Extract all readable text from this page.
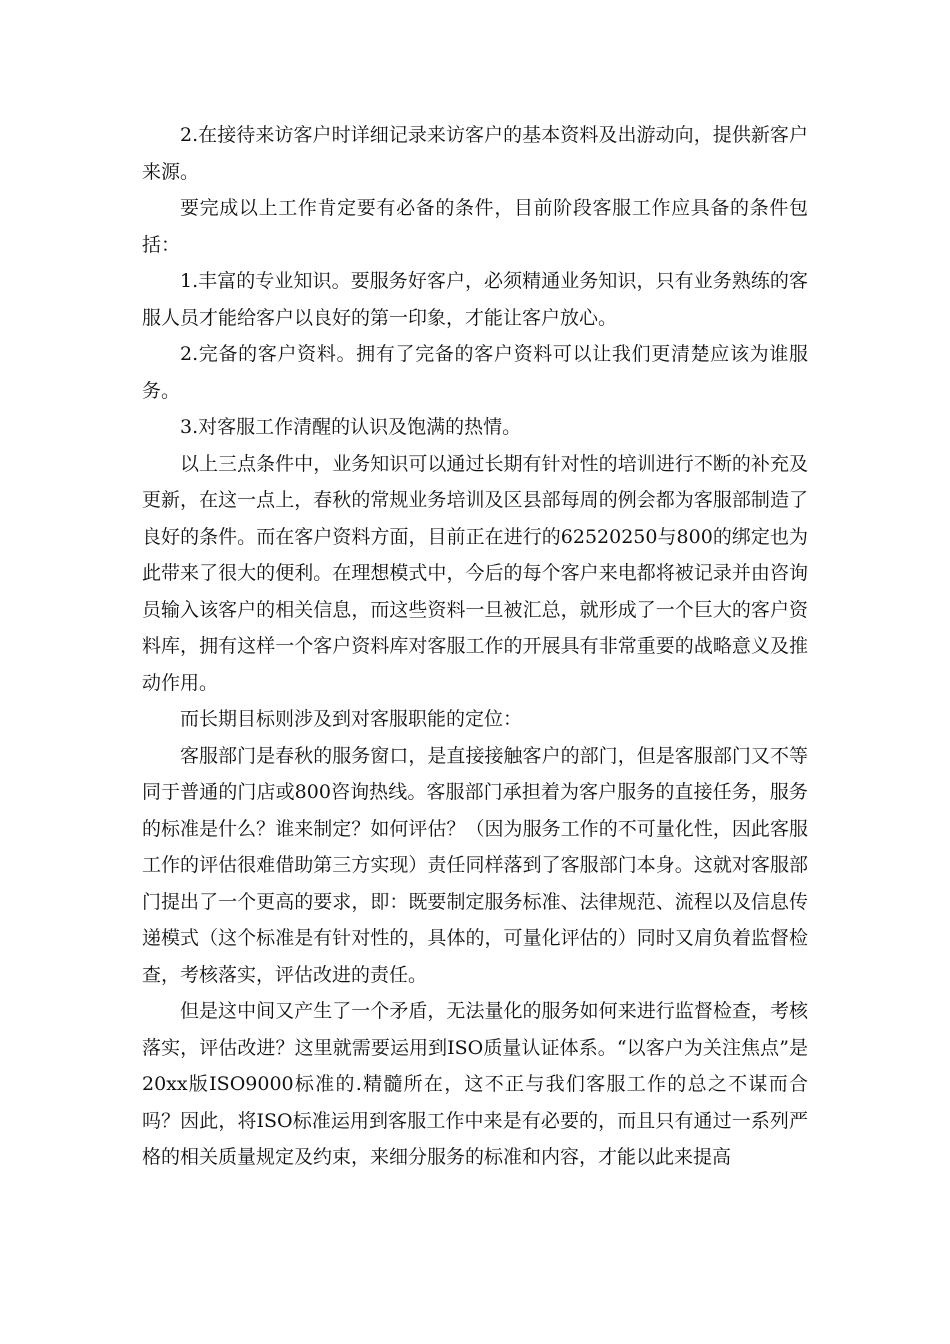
2.在接待来访客户时详细记录来访客户的基本资料及出游动向，提供新客户来源。

要完成以上工作肯定要有必备的条件，目前阶段客服工作应具备的条件包括：

1.丰富的专业知识。要服务好客户，必须精通业务知识，只有业务熟练的客服人员才能给客户以良好的第一印象，才能让客户放心。

2.完备的客户资料。拥有了完备的客户资料可以让我们更清楚应该为谁服务。

3.对客服工作清醒的认识及饱满的热情。

以上三点条件中，业务知识可以通过长期有针对性的培训进行不断的补充及更新，在这一点上，春秋的常规业务培训及区县部每周的例会都为客服部制造了良好的条件。而在客户资料方面，目前正在进行的62520250与800的绑定也为此带来了很大的便利。在理想模式中，今后的每个客户来电都将被记录并由咨询员输入该客户的相关信息，而这些资料一旦被汇总，就形成了一个巨大的客户资料库，拥有这样一个客户资料库对客服工作的开展具有非常重要的战略意义及推动作用。

而长期目标则涉及到对客服职能的定位：

客服部门是春秋的服务窗口，是直接接触客户的部门，但是客服部门又不等同于普通的门店或800咨询热线。客服部门承担着为客户服务的直接任务，服务的标准是什么？谁来制定？如何评估？（因为服务工作的不可量化性，因此客服工作的评估很难借助第三方实现）责任同样落到了客服部门本身。这就对客服部门提出了一个更高的要求，即：既要制定服务标准、法律规范、流程以及信息传递模式（这个标准是有针对性的，具体的，可量化评估的）同时又肩负着监督检查，考核落实，评估改进的责任。

但是这中间又产生了一个矛盾，无法量化的服务如何来进行监督检查，考核落实，评估改进？这里就需要运用到ISO质量认证体系。“以客户为关注焦点”是20xx版ISO9000标准的.精髓所在，这不正与我们客服工作的总之不谋而合吗？因此，将ISO标准运用到客服工作中来是有必要的，而且只有通过一系列严格的相关质量规定及约束，来细分服务的标准和内容，才能以此来提高
